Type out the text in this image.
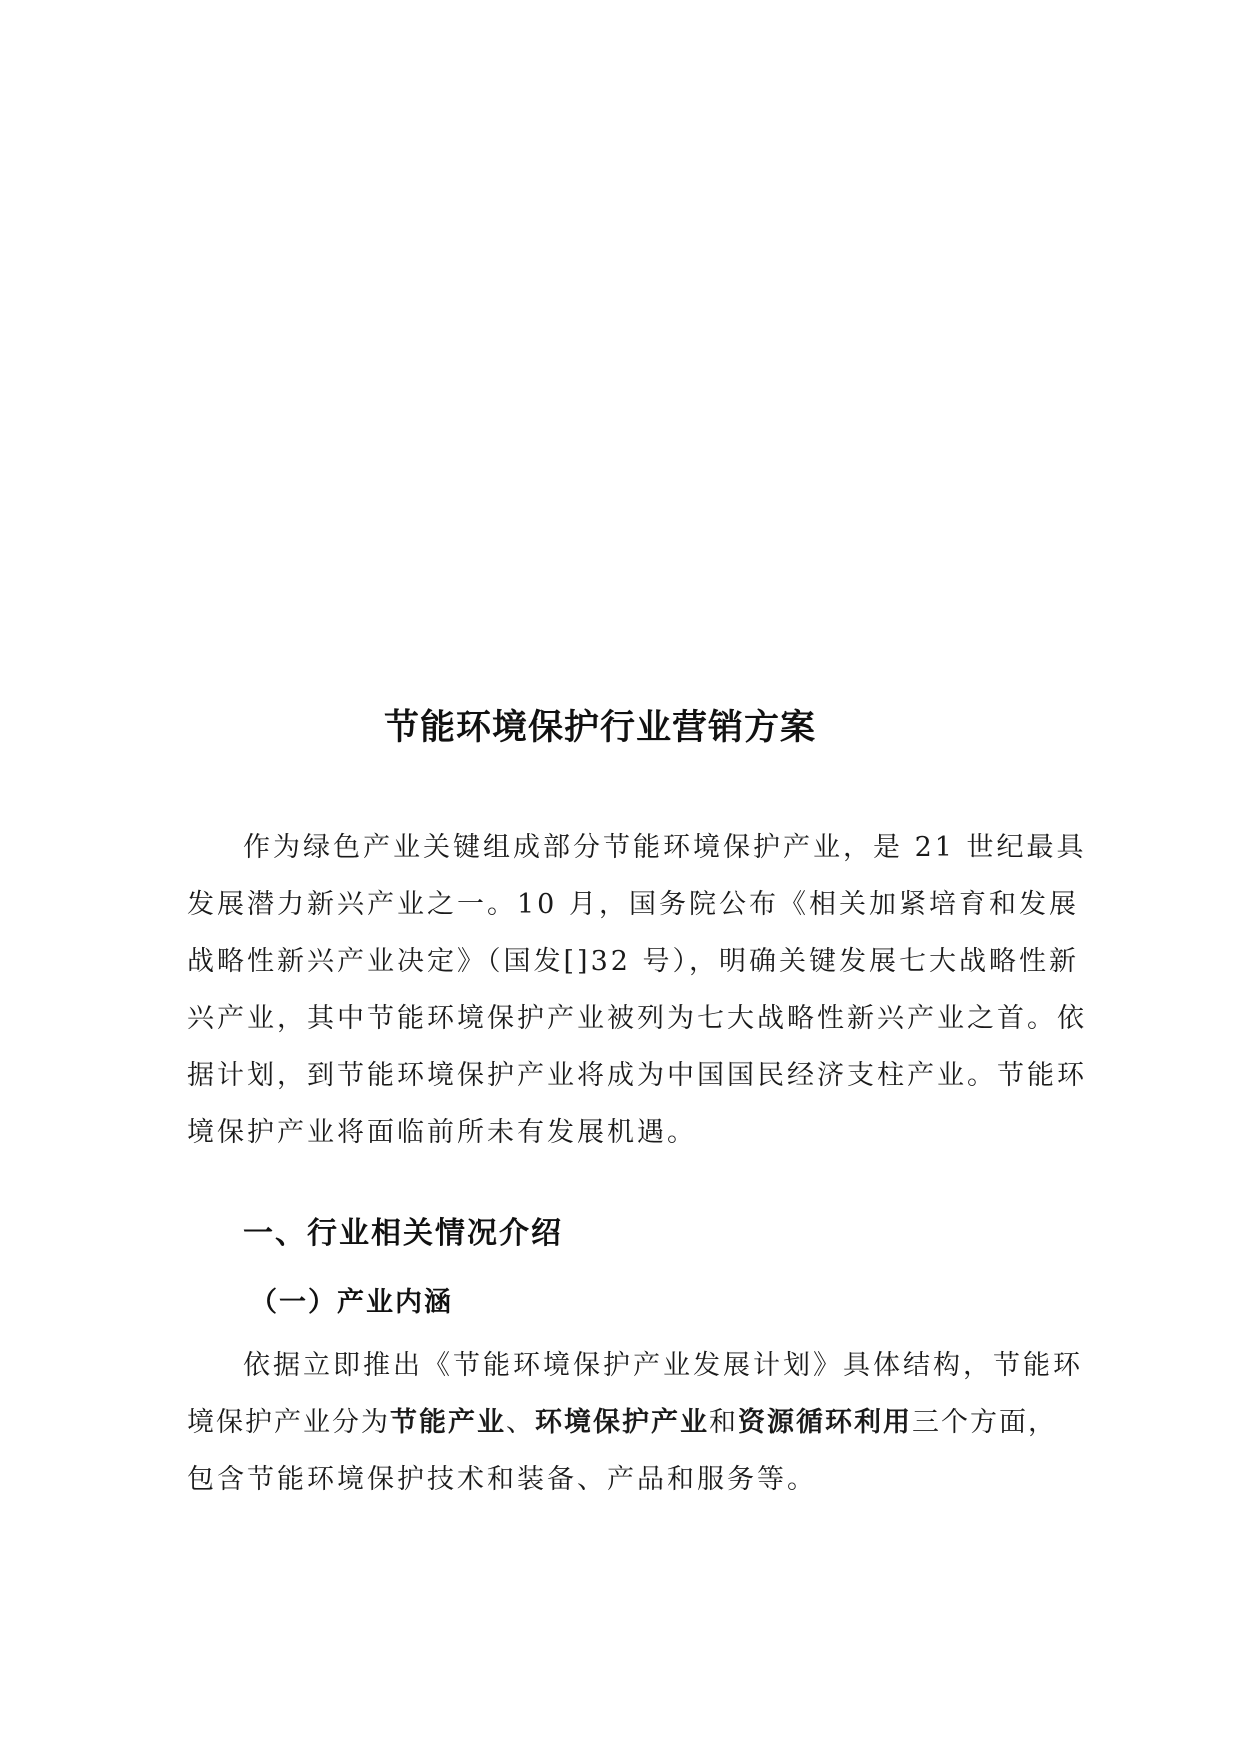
节能环境保护行业营销方案
作为绿色产业关键组成部分节能环境保护产业，是 21 世纪最具
发展潜力新兴产业之一。10 月，国务院公布《相关加紧培育和发展
战略性新兴产业决定》（国发[]32 号），明确关键发展七大战略性新
兴产业，其中节能环境保护产业被列为七大战略性新兴产业之首。依
据计划，到节能环境保护产业将成为中国国民经济支柱产业。节能环
境保护产业将面临前所未有发展机遇。
一、行业相关情况介绍
（一）产业内涵
依据立即推出《节能环境保护产业发展计划》具体结构，节能环
境保护产业分为节能产业、环境保护产业和资源循环利用三个方面，
包含节能环境保护技术和装备、产品和服务等。
